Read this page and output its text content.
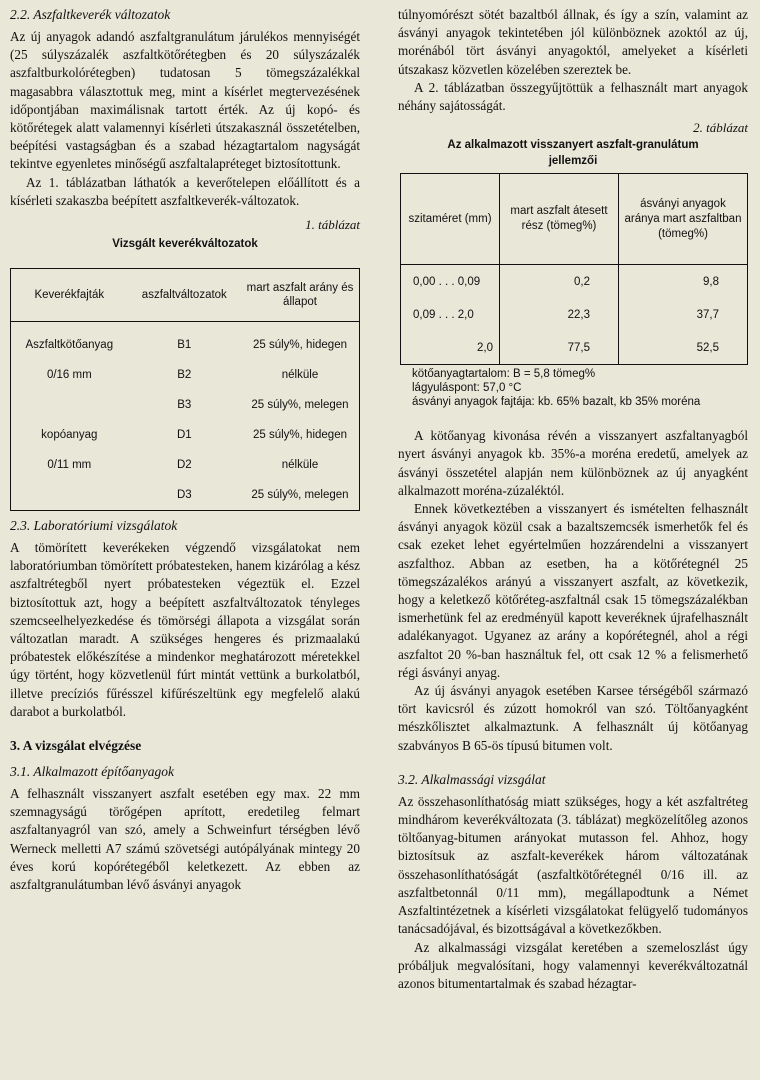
2.2. Aszfaltkeverék változatok

Az új anyagok adandó aszfaltgranulátum járulékos mennyiségét (25 súlyszázalék aszfaltkötőrétegben és 20 súlyszázalék aszfaltburkolórétegben) tudatosan 5 tömegszázalékkal magasabbra választottuk meg, mint a kísérlet megtervezésének időpontjában maximálisnak tartott érték. Az új kopó- és kötőrétegek alatt valamennyi kísérleti útszakasznál összetételben, beépítési vastagságban és a szabad hézagtartalom nagyságát tekintve egyenletes minőségű aszfaltalapréteget biztosítottunk.

Az 1. táblázatban láthatók a keverőtelepen előállított és a kísérleti szakaszba beépített aszfaltkeverék-változatok.

1. táblázat
Vizsgált keverékváltozatok
Keverékfajták	aszfaltváltozatok	mart aszfalt arány és állapot

Aszfaltkötőanyag	B1	25 súly%, hidegen
0/16 mm	B2	nélküle
	B3	25 súly%, melegen
kopóanyag	D1	25 súly%, hidegen
0/11 mm	D2	nélküle
	D3	25 súly%, melegen
2.3. Laboratóriumi vizsgálatok

A tömörített keverékeken végzendő vizsgálatokat nem laboratóriumban tömörített próbatesteken, hanem kizárólag a kész aszfaltrétegből nyert próbatesteken végeztük el. Ezzel biztosítottuk azt, hogy a beépített aszfaltváltozatok tényleges szemcseelhelyezkedése és tömörségi állapota a vizsgálat során változatlan maradt. A szükséges hengeres és prizmaalakú próbatestek előkészítése a mindenkor meghatározott méretekkel úgy történt, hogy közvetlenül fúrt mintát vettünk a burkolatból, illetve precíziós fűrésszel kifűrészeltünk egy megfelelő alakú darabot a burkolatból.

3. A vizsgálat elvégzése
3.1. Alkalmazott építőanyagok

A felhasznált visszanyert aszfalt esetében egy max. 22 mm szemnagyságú törőgépen aprított, eredetileg felmart aszfaltanyagról van szó, amely a Schweinfurt térségben lévő Werneck melletti A7 számú szövetségi autópályának mintegy 20 éves korú kopórétegéből keletkezett. Az ebben az aszfaltgranulátumban lévő ásványi anyagok

túlnyomórészt sötét bazaltból állnak, és így a szín, valamint az ásványi anyagok tekintetében jól különböznek azoktól az új, morénából tört ásványi anyagoktól, amelyeket a kísérleti útszakasz közvetlen közelében szereztek be.

A 2. táblázatban összegyűjtöttük a felhasznált mart anyagok néhány sajátosságát.

2. táblázat
Az alkalmazott visszanyert aszfalt-granulátum
jellemzői
szitaméret (mm)	mart aszfalt átesett rész (tömeg%)	ásványi anyagok aránya mart aszfaltban (tömeg%)
0,00 . . . 0,09	0,2	9,8
0,09 . . . 2,0	22,3	37,7
2,0	77,5	52,5
kötőanyagtartalom: B = 5,8 tömeg%
lágyuláspont: 57,0 °C
ásványi anyagok fajtája: kb. 65% bazalt, kb 35% moréna

A kötőanyag kivonása révén a visszanyert aszfaltanyagból nyert ásványi anyagok kb. 35%-a moréna eredetű, amelyek az ásványi összetétel alapján nem különböznek az új anyagként alkalmazott moréna-zúzaléktól.

Ennek következtében a visszanyert és ismételten felhasznált ásványi anyagok közül csak a bazaltszemcsék ismerhetők fel és csak ezeket lehet egyértelműen hozzárendelni a visszanyert aszfalthoz. Abban az esetben, ha a kötőrétegnél 25 tömegszázalékos arányú a visszanyert aszfalt, az következik, hogy a keletkező kötőréteg-aszfaltnál csak 15 tömegszázalékban ismerhetünk fel az eredményül kapott keveréknek újrafelhasznált adalékanyagot. Ugyanez az arány a kopórétegnél, ahol a régi aszfaltot 20 %-ban használtuk fel, ott csak 12 % a felismerhető régi ásványi anyag.

Az új ásványi anyagok esetében Karsee térségéből származó tört kavicsról és zúzott homokról van szó. Töltőanyagként mészkőlisztet alkalmaztunk. A felhasznált új kötőanyag szabványos B 65-ös típusú bitumen volt.

3.2. Alkalmassági vizsgálat

Az összehasonlíthatóság miatt szükséges, hogy a két aszfaltréteg mindhárom keverékváltozata (3. táblázat) megközelítőleg azonos töltőanyag-bitumen arányokat mutasson fel. Ahhoz, hogy biztosítsuk az aszfalt-keverékek három változatának összehasonlíthatóságát (aszfaltkötőrétegnél 0/16 ill. az aszfaltbetonnál 0/11 mm), megállapodtunk a Német Aszfaltintézetnek a kísérleti vizsgálatokat felügyelő tudományos tanácsadójával, és bizottságával a következőkben.

Az alkalmassági vizsgálat keretében a szemeloszlást úgy próbáljuk megvalósítani, hogy valamennyi keverékváltozatnál azonos bitumentartalmak és szabad hézagtar-
